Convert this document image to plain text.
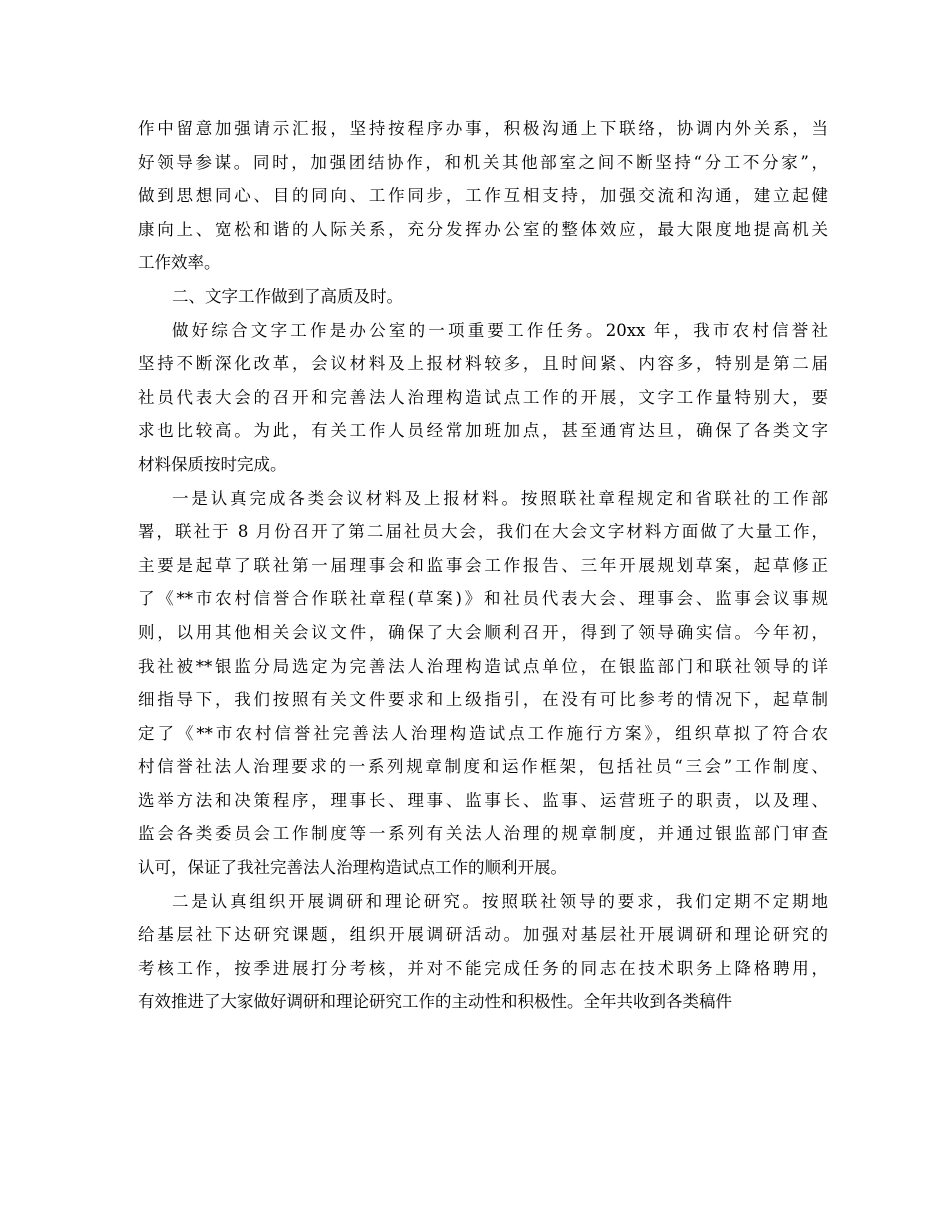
作中留意加强请示汇报，坚持按程序办事，积极沟通上下联络，协调内外关系，当
好领导参谋。同时，加强团结协作，和机关其他部室之间不断坚持“分工不分家”，
做到思想同心、目的同向、工作同步，工作互相支持，加强交流和沟通，建立起健
康向上、宽松和谐的人际关系，充分发挥办公室的整体效应，最大限度地提高机关
工作效率。
二、文字工作做到了高质及时。
做好综合文字工作是办公室的一项重要工作任务。20xx 年，我市农村信誉社
坚持不断深化改革，会议材料及上报材料较多，且时间紧、内容多，特别是第二届
社员代表大会的召开和完善法人治理构造试点工作的开展，文字工作量特别大，要
求也比较高。为此，有关工作人员经常加班加点，甚至通宵达旦，确保了各类文字
材料保质按时完成。
一是认真完成各类会议材料及上报材料。按照联社章程规定和省联社的工作部
署，联社于 8 月份召开了第二届社员大会，我们在大会文字材料方面做了大量工作，
主要是起草了联社第一届理事会和监事会工作报告、三年开展规划草案，起草修正
了《**市农村信誉合作联社章程(草案)》和社员代表大会、理事会、监事会议事规
则，以用其他相关会议文件，确保了大会顺利召开，得到了领导确实信。今年初，
我社被**银监分局选定为完善法人治理构造试点单位，在银监部门和联社领导的详
细指导下，我们按照有关文件要求和上级指引，在没有可比参考的情况下，起草制
定了《**市农村信誉社完善法人治理构造试点工作施行方案》，组织草拟了符合农
村信誉社法人治理要求的一系列规章制度和运作框架，包括社员“三会”工作制度、
选举方法和决策程序，理事长、理事、监事长、监事、运营班子的职责，以及理、
监会各类委员会工作制度等一系列有关法人治理的规章制度，并通过银监部门审查
认可，保证了我社完善法人治理构造试点工作的顺利开展。
二是认真组织开展调研和理论研究。按照联社领导的要求，我们定期不定期地
给基层社下达研究课题，组织开展调研活动。加强对基层社开展调研和理论研究的
考核工作，按季进展打分考核，并对不能完成任务的同志在技术职务上降格聘用，
有效推进了大家做好调研和理论研究工作的主动性和积极性。全年共收到各类稿件
